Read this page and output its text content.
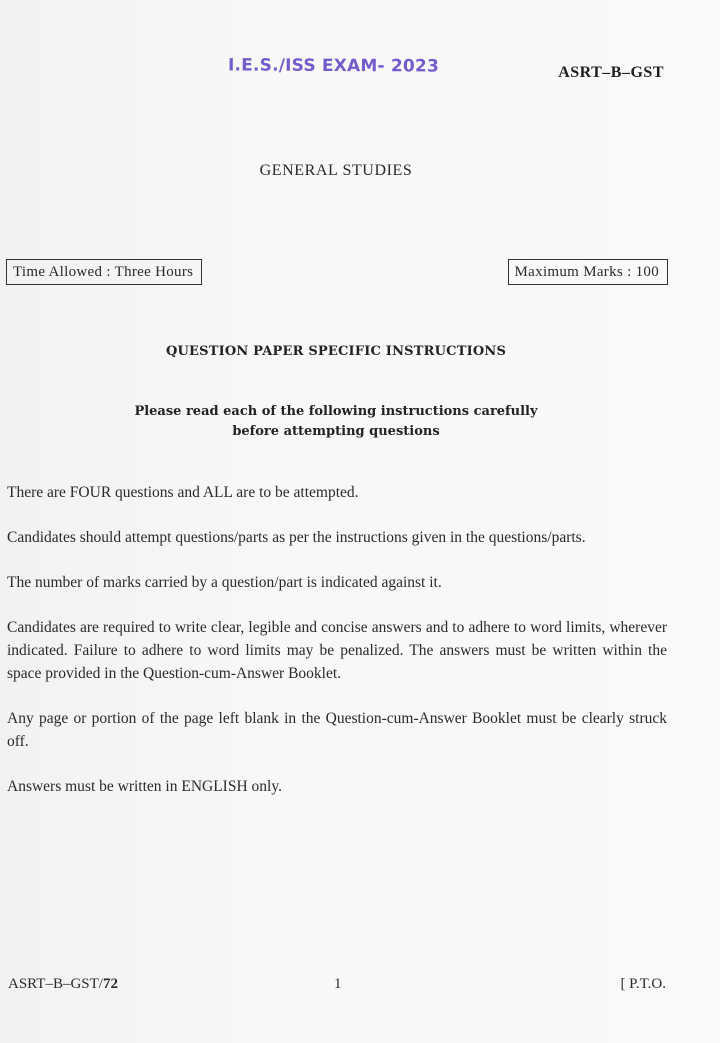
I.E.S./ISS EXAM- 2023	ASRT–B–GST
GENERAL STUDIES
Time Allowed : Three Hours	Maximum Marks : 100
QUESTION PAPER SPECIFIC INSTRUCTIONS
Please read each of the following instructions carefully
before attempting questions

There are FOUR questions and ALL are to be attempted.

Candidates should attempt questions/parts as per the instructions given in the questions/parts.

The number of marks carried by a question/part is indicated against it.

Candidates are required to write clear, legible and concise answers and to adhere to word limits, wherever indicated. Failure to adhere to word limits may be penalized. The answers must be written within the space provided in the Question-cum-Answer Booklet.

Any page or portion of the page left blank in the Question-cum-Answer Booklet must be clearly struck off.

Answers must be written in ENGLISH only.

ASRT–B–GST/72	1	[ P.T.O.
